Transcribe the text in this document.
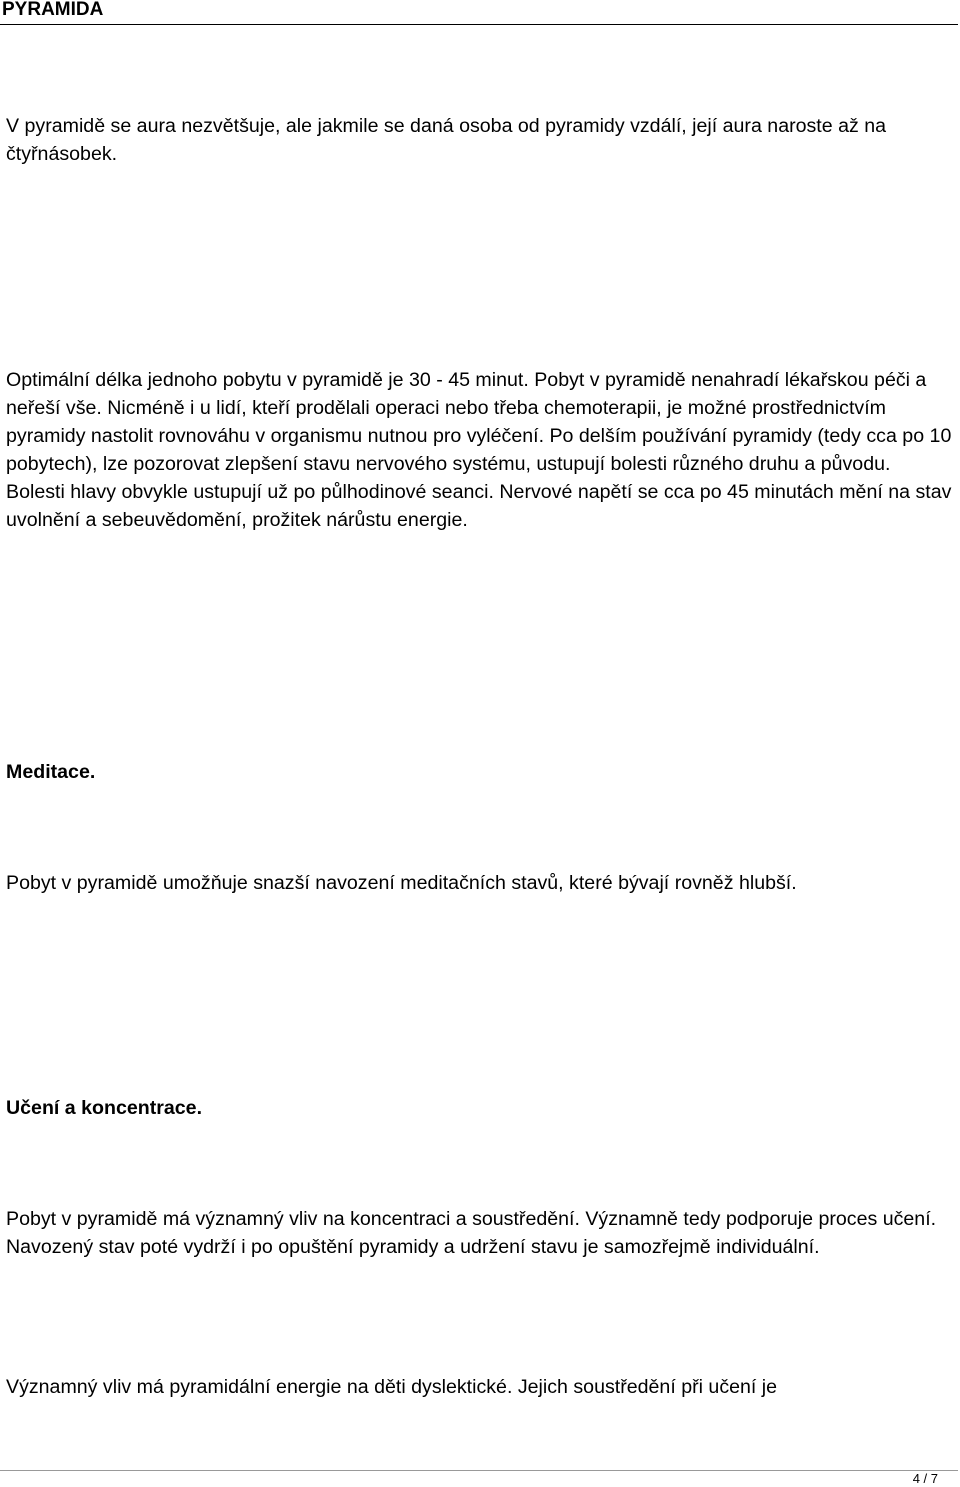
PYRAMIDA

V pyramidě se aura nezvětšuje, ale jakmile se daná osoba od pyramidy vzdálí, její aura naroste až na čtyřnásobek.

Optimální délka jednoho pobytu v pyramidě je 30 - 45 minut. Pobyt v pyramidě nenahradí lékařskou péči a neřeší vše. Nicméně i u lidí, kteří prodělali operaci nebo třeba chemoterapii, je možné prostřednictvím pyramidy nastolit rovnováhu v organismu nutnou pro vyléčení. Po delším používání pyramidy (tedy cca po 10 pobytech), lze pozorovat zlepšení stavu nervového systému, ustupují bolesti různého druhu a původu. Bolesti hlavy obvykle ustupují už po půlhodinové seanci. Nervové napětí se cca po 45 minutách mění na stav uvolnění a sebeuvědomění, prožitek nárůstu energie.

Meditace.

Pobyt v pyramidě umožňuje snazší navození meditačních stavů, které bývají rovněž hlubší.

Učení a koncentrace.

Pobyt v pyramidě má významný vliv na koncentraci a soustředění. Významně tedy podporuje proces učení. Navozený stav poté vydrží i po opuštění pyramidy a udržení stavu je samozřejmě individuální.

Významný vliv má pyramidální energie na děti dyslektické. Jejich soustředění při učení je

4 / 7
